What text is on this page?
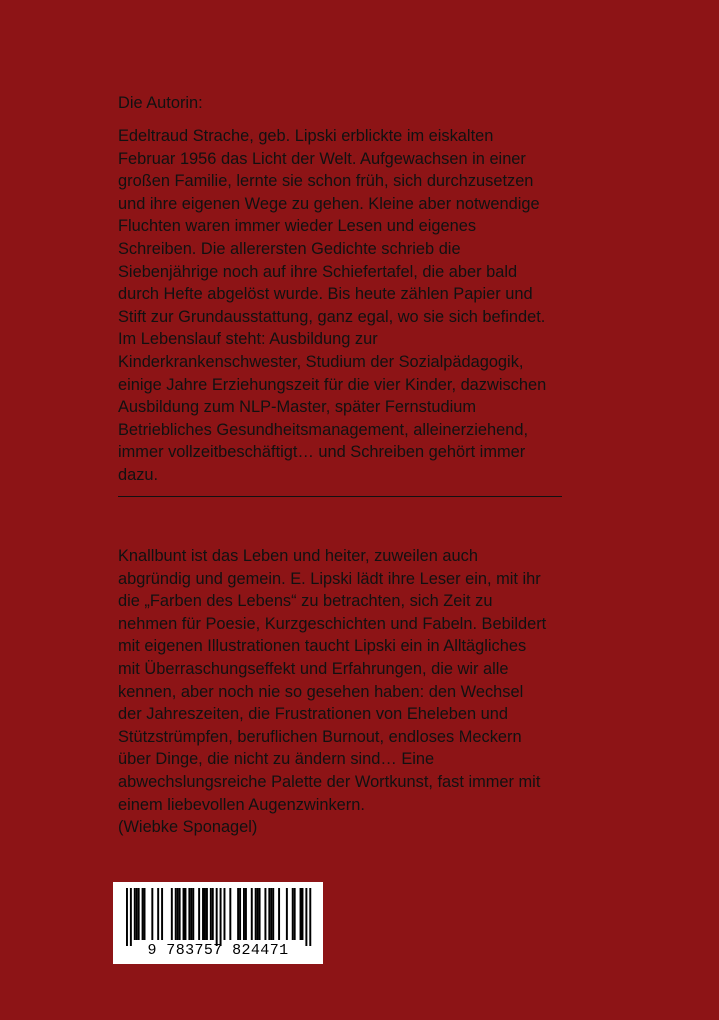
Die Autorin:
Edeltraud Strache, geb. Lipski erblickte im eiskalten
Februar 1956 das Licht der Welt. Aufgewachsen in einer
großen Familie, lernte sie schon früh, sich durchzusetzen
und ihre eigenen Wege zu gehen. Kleine aber notwendige
Fluchten waren immer wieder Lesen und eigenes
Schreiben. Die allerersten Gedichte schrieb die
Siebenjährige noch auf ihre Schiefertafel, die aber bald
durch Hefte abgelöst wurde. Bis heute zählen Papier und
Stift zur Grundausstattung, ganz egal, wo sie sich befindet.
Im Lebenslauf steht: Ausbildung zur
Kinderkrankenschwester, Studium der Sozialpädagogik,
einige Jahre Erziehungszeit für die vier Kinder, dazwischen
Ausbildung zum NLP-Master, später Fernstudium
Betriebliches Gesundheitsmanagement, alleinerziehend,
immer vollzeitbeschäftigt… und Schreiben gehört immer
dazu.
Knallbunt ist das Leben und heiter, zuweilen auch
abgründig und gemein. E. Lipski lädt ihre Leser ein, mit ihr
die „Farben des Lebens“ zu betrachten, sich Zeit zu
nehmen für Poesie, Kurzgeschichten und Fabeln. Bebildert
mit eigenen Illustrationen taucht Lipski ein in Alltägliches
mit Überraschungseffekt und Erfahrungen, die wir alle
kennen, aber noch nie so gesehen haben: den Wechsel
der Jahreszeiten, die Frustrationen von Eheleben und
Stützstrümpfen, beruflichen Burnout, endloses Meckern
über Dinge, die nicht zu ändern sind… Eine
abwechslungsreiche Palette der Wortkunst, fast immer mit
einem liebevollen Augenzwinkern.
(Wiebke Sponagel)
9 783757 824471
